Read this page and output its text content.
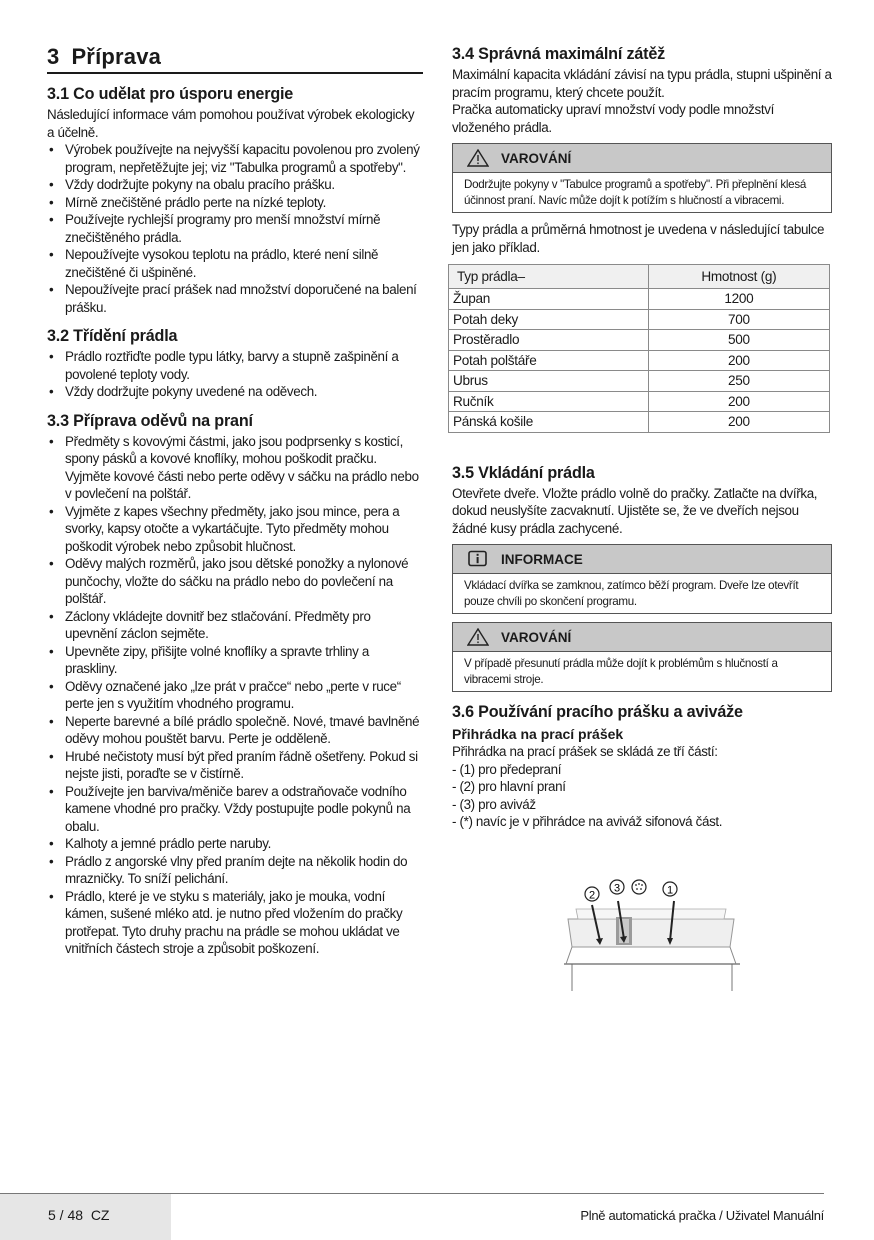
3 Příprava
3.1 Co udělat pro úsporu energie

Následující informace vám pomohou používat výrobek ekologicky a účelně.

• Výrobek používejte na nejvyšší kapacitu povolenou pro zvolený program, nepřetěžujte jej; viz "Tabulka programů a spotřeby".
• Vždy dodržujte pokyny na obalu pracího prášku.
• Mírně znečištěné prádlo perte na nízké teploty.
• Používejte rychlejší programy pro menší množství mírně znečištěného prádla.
• Nepoužívejte vysokou teplotu na prádlo, které není silně znečištěné či ušpiněné.
• Nepoužívejte prací prášek nad množství doporučené na balení prášku.
3.2 Třídění prádla
• Prádlo roztřiďte podle typu látky, barvy a stupně zašpinění a povolené teploty vody.
• Vždy dodržujte pokyny uvedené na oděvech.
3.3 Příprava oděvů na praní
• Předměty s kovovými částmi, jako jsou podprsenky s kosticí, spony pásků a kovové knoflíky, mohou poškodit pračku. Vyjměte kovové části nebo perte oděvy v sáčku na prádlo nebo v povlečení na polštář.
• Vyjměte z kapes všechny předměty, jako jsou mince, pera a svorky, kapsy otočte a vykartáčujte. Tyto předměty mohou poškodit výrobek nebo způsobit hlučnost.
• Oděvy malých rozměrů, jako jsou dětské ponožky a nylonové punčochy, vložte do sáčku na prádlo nebo do povlečení na polštář.
• Záclony vkládejte dovnitř bez stlačování. Předměty pro upevnění záclon sejměte.
• Upevněte zipy, přišijte volné knoflíky a spravte trhliny a praskliny.
• Oděvy označené jako „lze prát v pračce“ nebo „perte v ruce“ perte jen s využitím vhodného programu.
• Neperte barevné a bílé prádlo společně. Nové, tmavé bavlněné oděvy mohou pouštět barvu. Perte je odděleně.
• Hrubé nečistoty musí být před praním řádně ošetřeny. Pokud si nejste jisti, poraďte se v čistírně.
• Používejte jen barviva/měniče barev a odstraňovače vodního kamene vhodné pro pračky. Vždy postupujte podle pokynů na obalu.
• Kalhoty a jemné prádlo perte naruby.
• Prádlo z angorské vlny před praním dejte na několik hodin do mrazničky. To sníží pelichání.
• Prádlo, které je ve styku s materiály, jako je mouka, vodní kámen, sušené mléko atd. je nutno před vložením do pračky protřepat. Tyto druhy prachu na prádle se mohou ukládat ve vnitřních částech stroje a způsobit poškození.
3.4 Správná maximální zátěž

Maximální kapacita vkládání závisí na typu prádla, stupni ušpinění a pracím programu, který chcete použít.

Pračka automaticky upraví množství vody podle množství vloženého prádla.

VAROVÁNÍ
Dodržujte pokyny v "Tabulce programů a spotřeby". Při přeplnění klesá účinnost praní. Navíc může dojít k potížím s hlučností a vibracemi.

Typy prádla a průměrná hmotnost je uvedena v následující tabulce jen jako příklad.

Typ prádla–	Hmotnost (g)
Župan	1200
Potah deky	700
Prostěradlo	500
Potah polštáře	200
Ubrus	250
Ručník	200
Pánská košile	200
3.5 Vkládání prádla

Otevřete dveře. Vložte prádlo volně do pračky. Zatlačte na dvířka, dokud neuslyšíte zacvaknutí. Ujistěte se, že ve dveřích nejsou žádné kusy prádla zachycené.

INFORMACE
Vkládací dvířka se zamknou, zatímco běží program. Dveře lze otevřít pouze chvíli po skončení programu.
VAROVÁNÍ
V případě přesunutí prádla může dojít k problémům s hlučností a vibracemi stroje.
3.6 Používání pracího prášku a aviváže
Přihrádka na prací prášek

Přihrádka na prací prášek se skládá ze tří částí:

- (1) pro předepraní
- (2) pro hlavní praní
- (3) pro aviváž
- (*) navíc je v přihrádce na aviváž sifonová část.
2
3	1
5 / 48 CZ	Plně automatická pračka / Uživatel Manuální
